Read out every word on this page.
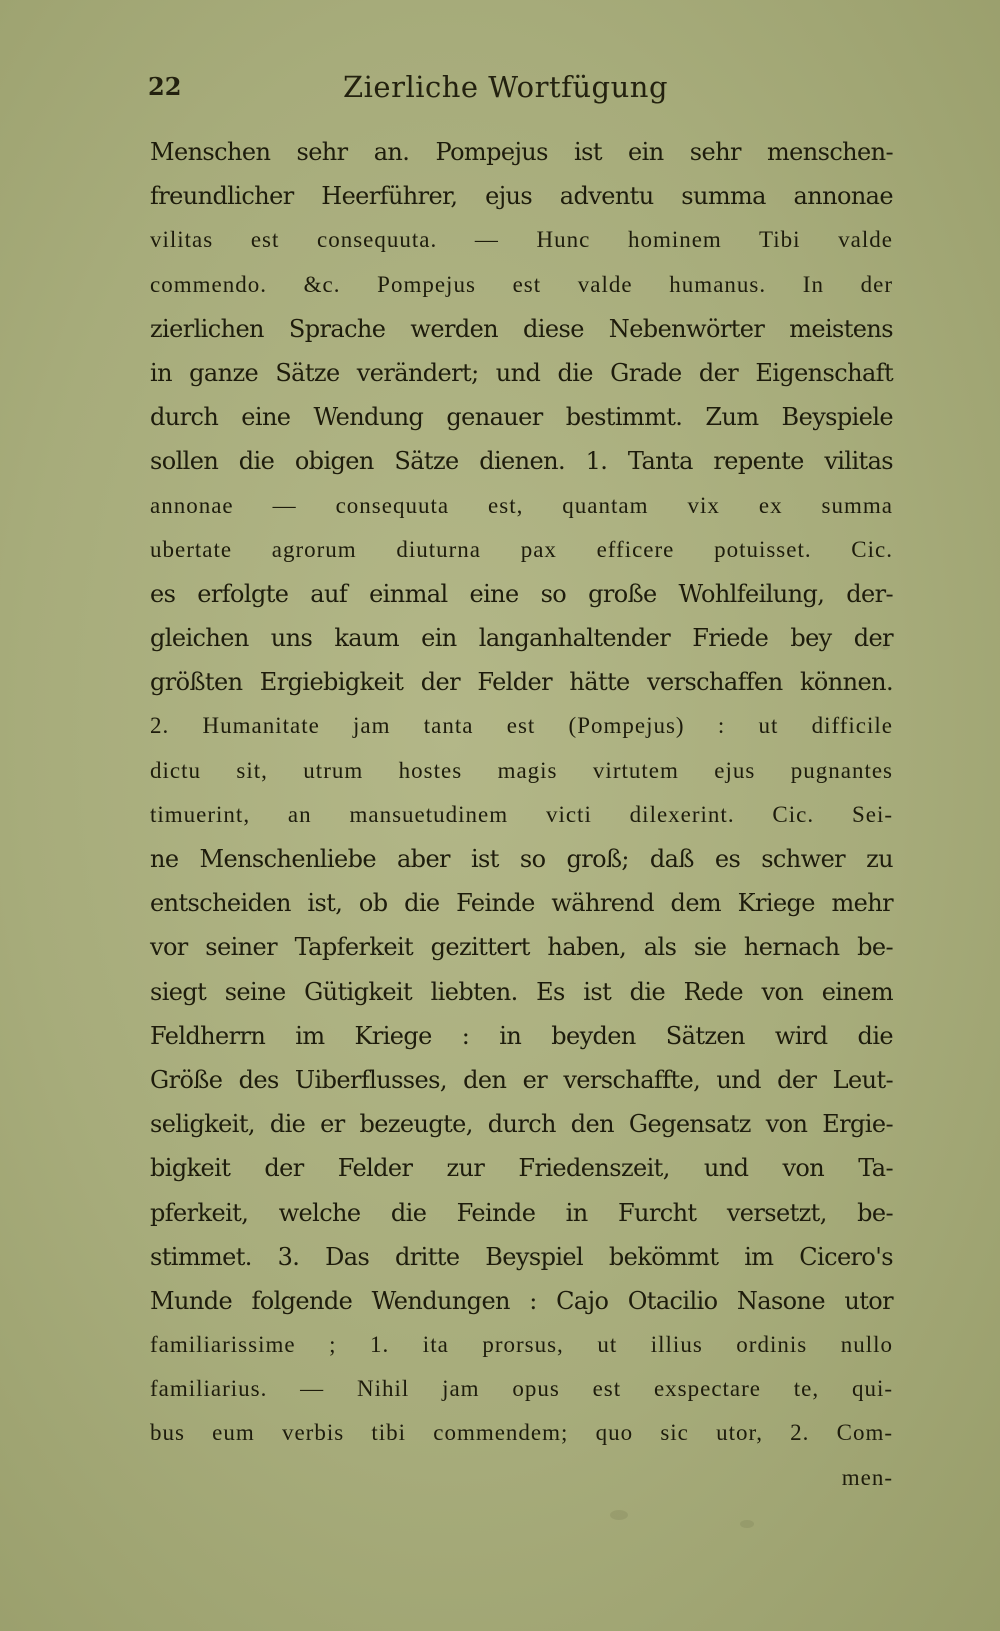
22	Zierliche Wortfügung
Menschen sehr an. Pompejus ist ein sehr menschen-
freundlicher Heerführer, ejus adventu summa annonae
vilitas est consequuta. — Hunc hominem Tibi valde
commendo. &c. Pompejus est valde humanus. In der
zierlichen Sprache werden diese Nebenwörter meistens
in ganze Sätze verändert; und die Grade der Eigenschaft
durch eine Wendung genauer bestimmt. Zum Beyspiele
sollen die obigen Sätze dienen. 1. Tanta repente vilitas
annonae — consequuta est, quantam vix ex summa
ubertate agrorum diuturna pax efficere potuisset. Cic.
es erfolgte auf einmal eine so große Wohlfeilung, der-
gleichen uns kaum ein langanhaltender Friede bey der
größten Ergiebigkeit der Felder hätte verschaffen können.
2. Humanitate jam tanta est (Pompejus) : ut difficile
dictu sit, utrum hostes magis virtutem ejus pugnantes
timuerint, an mansuetudinem victi dilexerint. Cic. Sei-
ne Menschenliebe aber ist so groß; daß es schwer zu
entscheiden ist, ob die Feinde während dem Kriege mehr
vor seiner Tapferkeit gezittert haben, als sie hernach be-
siegt seine Gütigkeit liebten. Es ist die Rede von einem
Feldherrn im Kriege : in beyden Sätzen wird die
Größe des Uiberflusses, den er verschaffte, und der Leut-
seligkeit, die er bezeugte, durch den Gegensatz von Ergie-
bigkeit der Felder zur Friedenszeit, und von Ta-
pferkeit, welche die Feinde in Furcht versetzt, be-
stimmet. 3. Das dritte Beyspiel bekömmt im Cicero's
Munde folgende Wendungen : Cajo Otacilio Nasone utor
familiarissime ; 1. ita prorsus, ut illius ordinis nullo
familiarius. — Nihil jam opus est exspectare te, qui-
bus eum verbis tibi commendem; quo sic utor, 2. Com-
men-
